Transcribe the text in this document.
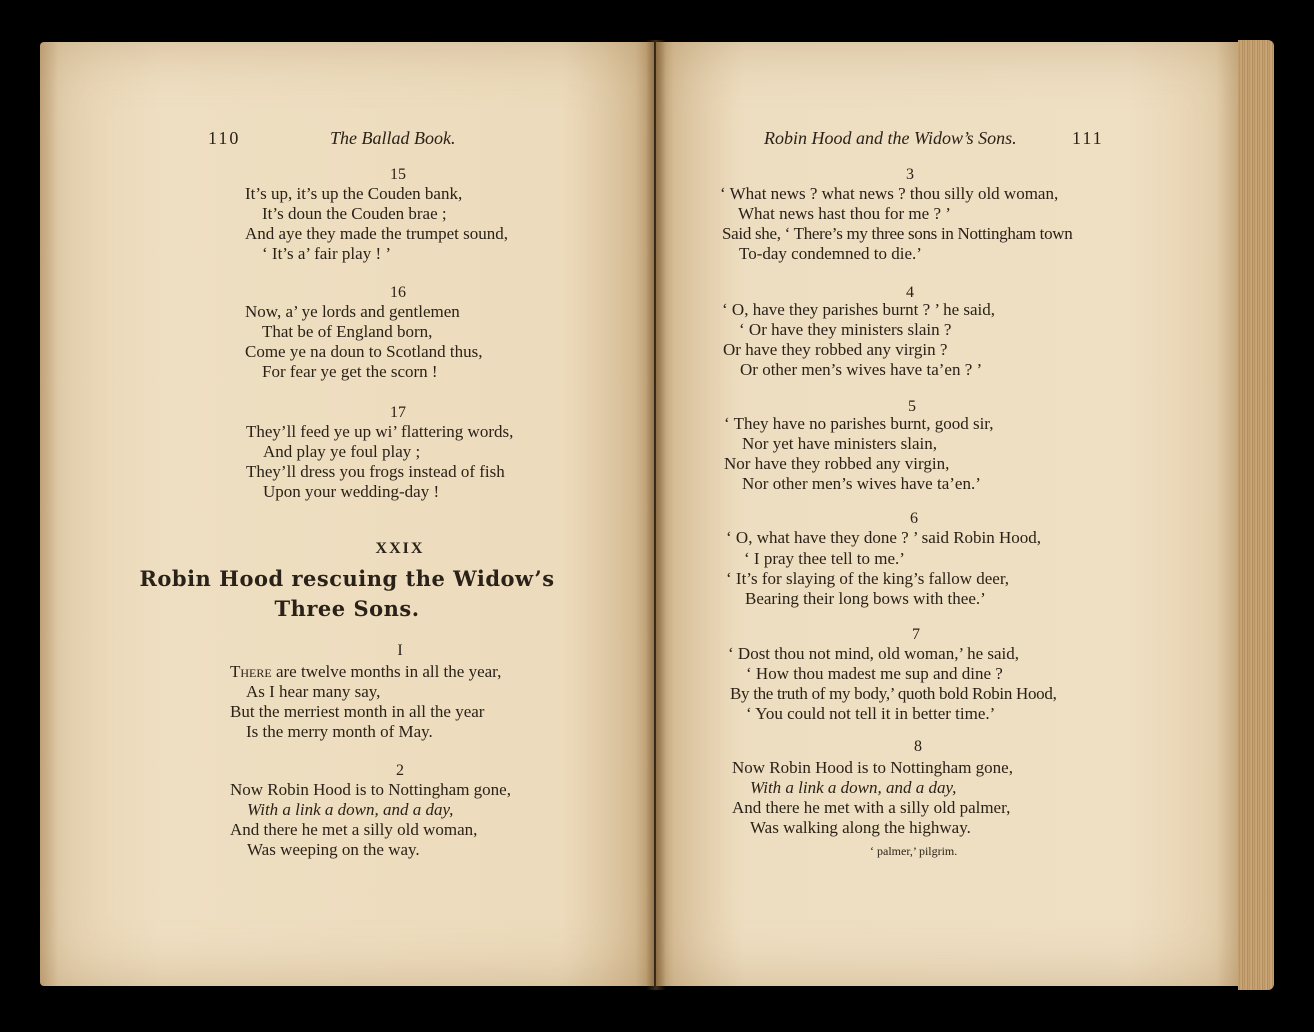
110	The Ballad Book.
15
It’s up, it’s up the Couden bank,
It’s doun the Couden brae ;
And aye they made the trumpet sound,
‘ It’s a’ fair play ! ’
16
Now, a’ ye lords and gentlemen
That be of England born,
Come ye na doun to Scotland thus,
For fear ye get the scorn !
17
They’ll feed ye up wi’ flattering words,
And play ye foul play ;
They’ll dress you frogs instead of fish
Upon your wedding-day !
XXIX
Robin Hood rescuing the Widow’s
Three Sons.
I
There are twelve months in all the year,
As I hear many say,
But the merriest month in all the year
Is the merry month of May.
2
Now Robin Hood is to Nottingham gone,
With a link a down, and a day,
And there he met a silly old woman,
Was weeping on the way.
Robin Hood and the Widow’s Sons.	111
3
‘ What news ? what news ? thou silly old woman,
What news hast thou for me ? ’
Said she, ‘ There’s my three sons in Nottingham town
To-day condemned to die.’
4
‘ O, have they parishes burnt ? ’ he said,
‘ Or have they ministers slain ?
Or have they robbed any virgin ?
Or other men’s wives have ta’en ? ’
5
‘ They have no parishes burnt, good sir,
Nor yet have ministers slain,
Nor have they robbed any virgin,
Nor other men’s wives have ta’en.’
6
‘ O, what have they done ? ’ said Robin Hood,
‘ I pray thee tell to me.’
‘ It’s for slaying of the king’s fallow deer,
Bearing their long bows with thee.’
7
‘ Dost thou not mind, old woman,’ he said,
‘ How thou madest me sup and dine ?
By the truth of my body,’ quoth bold Robin Hood,
‘ You could not tell it in better time.’
8
Now Robin Hood is to Nottingham gone,
With a link a down, and a day,
And there he met with a silly old palmer,
Was walking along the highway.
‘ palmer,’ pilgrim.
